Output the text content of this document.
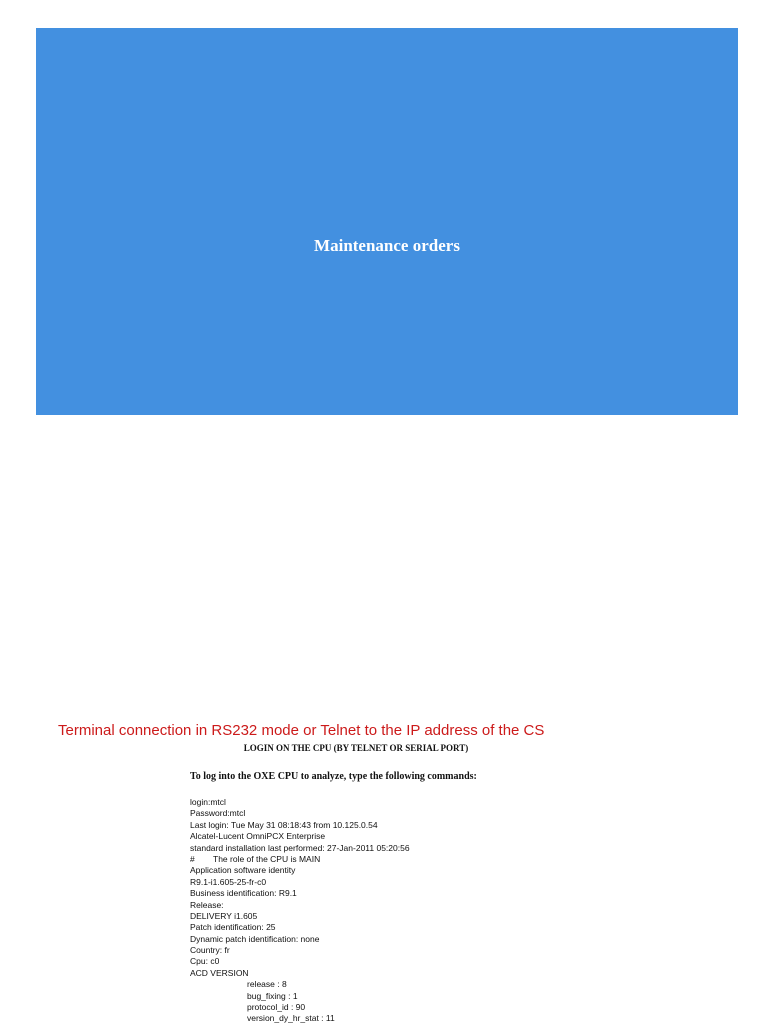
Maintenance orders

Terminal connection in RS232 mode or Telnet to the IP address of the CS

LOGIN ON THE CPU (BY TELNET OR SERIAL PORT)

To log into the OXE CPU to analyze, type the following commands:

login:mtcl
Password:mtcl
Last login: Tue May 31 08:18:43 from 10.125.0.54
Alcatel-Lucent OmniPCX Enterprise
standard installation last performed: 27-Jan-2011 05:20:56
# The role of the CPU is MAIN
Application software identity
R9.1-i1.605-25-fr-c0
Business identification: R9.1
Release:
DELIVERY i1.605
Patch identification: 25
Dynamic patch identification: none
Country: fr
Cpu: c0
ACD VERSION
release : 8
bug_fixing : 1
protocol_id : 90
version_dy_hr_stat : 11
